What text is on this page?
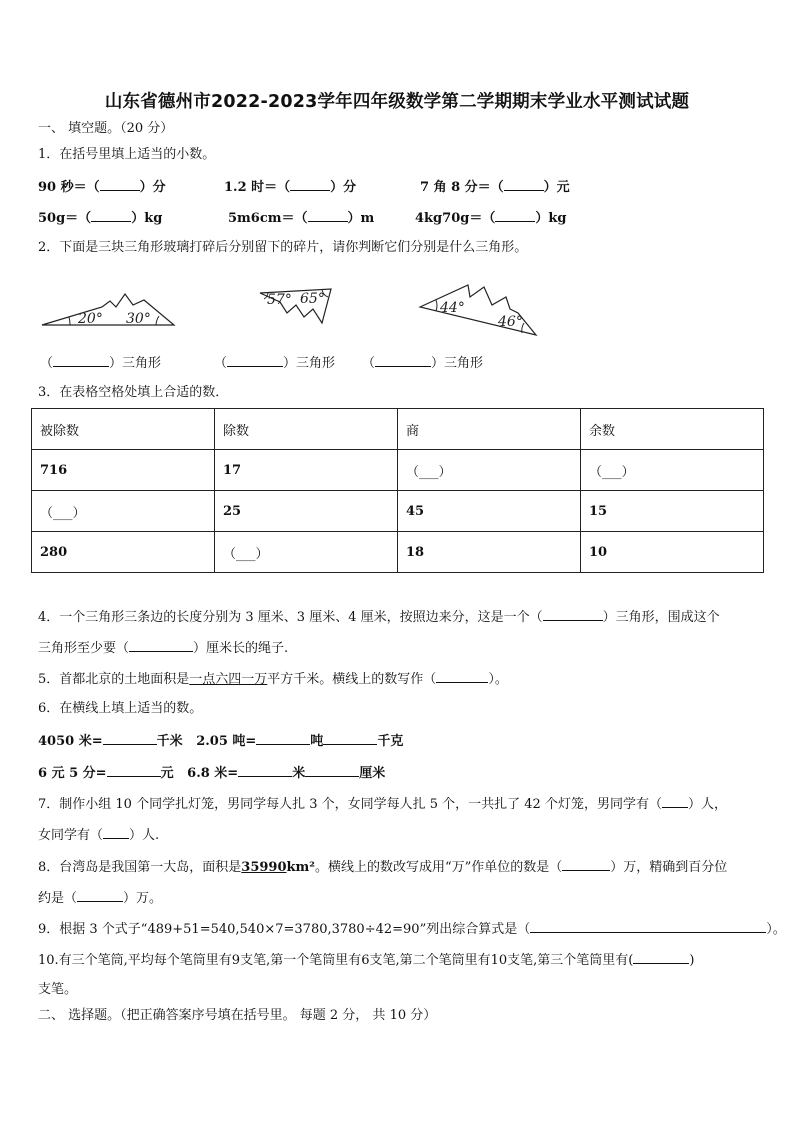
山东省德州市2022-2023学年四年级数学第二学期期末学业水平测试试题
一、 填空题。（20 分）
1．在括号里填上适当的小数。
90 秒＝（	）分	1.2 时＝（	）分	7 角 8 分＝（	）元
50g＝（	）kg	5m6cm＝（	）m	4kg70g＝（	）kg
2．下面是三块三角形玻璃打碎后分别留下的碎片，请你判断它们分别是什么三角形。
20° 30°
57° 65°
44°
46°
（	）三角形	（	）三角形 （	）三角形
3．在表格空格处填上合适的数．
被除数	除数	商	余数
716	17	（___）	（___）
（___）	25	45	15
280	（___）	18	10
4．一个三角形三条边的长度分别为 3 厘米、3 厘米、4 厘米，按照边来分，这是一个（	）三角形，围成这个
三角形至少要（	）厘米长的绳子.
5．首都北京的土地面积是一点六四一万平方千米。横线上的数写作（	）。
6．在横线上填上适当的数。
4050 米=	千米 2.05 吨=	吨	千克
6 元 5 分=	元 6.8 米=	米	厘米
7．制作小组 10 个同学扎灯笼，男同学每人扎 3 个，女同学每人扎 5 个，一共扎了 42 个灯笼，男同学有（ ）人，
女同学有（ ）人.
8．台湾岛是我国第一大岛，面积是35990km²。横线上的数改写成用“万”作单位的数是（	）万，精确到百分位
约是（	）万。
9．根据 3 个式子“489+51=540,540×7=3780,3780÷42=90”列出综合算式是（	）。
10.有三个笔筒,平均每个笔筒里有9支笔,第一个笔筒里有6支笔,第二个笔筒里有10支笔,第三个笔筒里有(	)
支笔。
二、 选择题。（把正确答案序号填在括号里。 每题 2 分， 共 10 分）
